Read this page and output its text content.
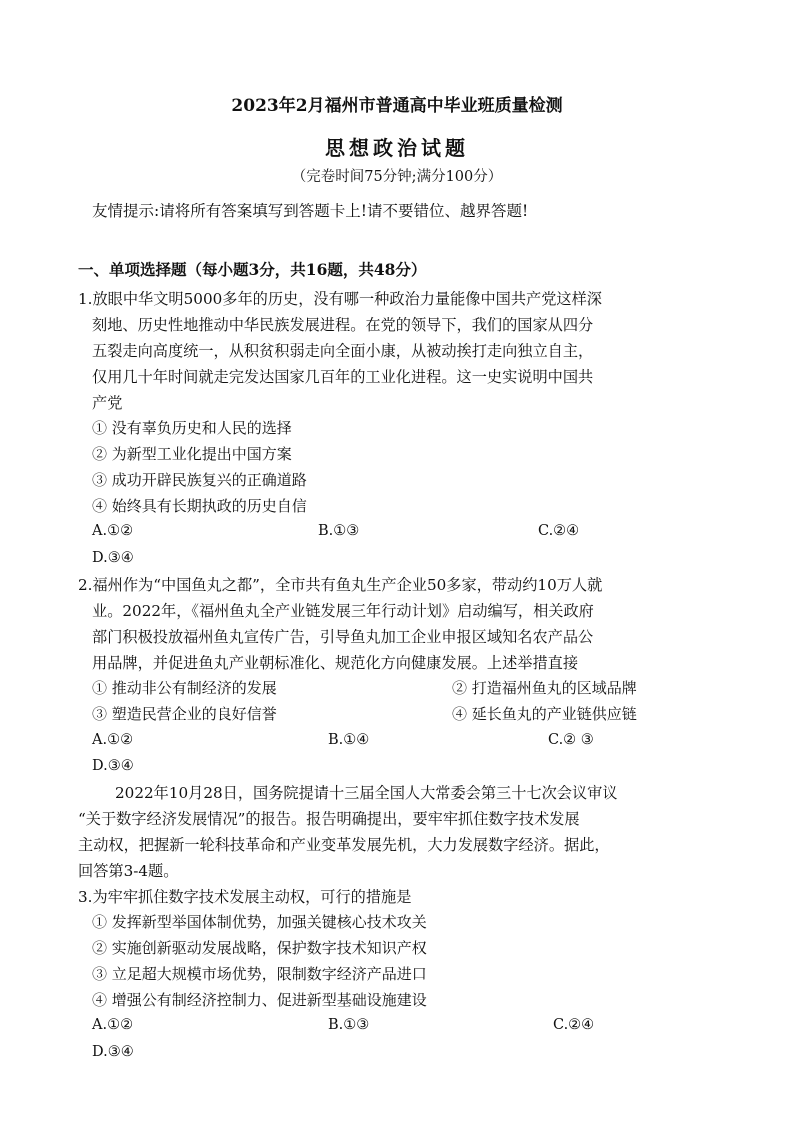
2023年2月福州市普通高中毕业班质量检测
思想政治试题
（完卷时间75分钟;满分100分）
友情提示:请将所有答案填写到答题卡上!请不要错位、越界答题!
一、单项选择题（每小题3分，共16题，共48分）
1.放眼中华文明5000多年的历史，没有哪一种政治力量能像中国共产党这样深
刻地、历史性地推动中华民族发展进程。在党的领导下，我们的国家从四分
五裂走向高度统一，从积贫积弱走向全面小康，从被动挨打走向独立自主，
仅用几十年时间就走完发达国家几百年的工业化进程。这一史实说明中国共
产党
① 没有辜负历史和人民的选择
② 为新型工业化提出中国方案
③ 成功开辟民族复兴的正确道路
④ 始终具有长期执政的历史自信
A.①②	B.①③	C.②④
D.③④
2.福州作为“中国鱼丸之都”，全市共有鱼丸生产企业50多家，带动约10万人就
业。2022年，《福州鱼丸全产业链发展三年行动计划》启动编写，相关政府
部门积极投放福州鱼丸宣传广告，引导鱼丸加工企业申报区域知名农产品公
用品牌，并促进鱼丸产业朝标准化、规范化方向健康发展。上述举措直接
① 推动非公有制经济的发展	② 打造福州鱼丸的区域品牌
③ 塑造民营企业的良好信誉	④ 延长鱼丸的产业链供应链
A.①②	B.①④	C.② ③
D.③④
2022年10月28日，国务院提请十三届全国人大常委会第三十七次会议审议
“关于数字经济发展情况”的报告。报告明确提出，要牢牢抓住数字技术发展
主动权，把握新一轮科技革命和产业变革发展先机，大力发展数字经济。据此，
回答第3-4题。
3.为牢牢抓住数字技术发展主动权，可行的措施是
① 发挥新型举国体制优势，加强关键核心技术攻关
② 实施创新驱动发展战略，保护数字技术知识产权
③ 立足超大规模市场优势，限制数字经济产品进口
④ 增强公有制经济控制力、促进新型基础设施建设
A.①②	B.①③	C.②④
D.③④
